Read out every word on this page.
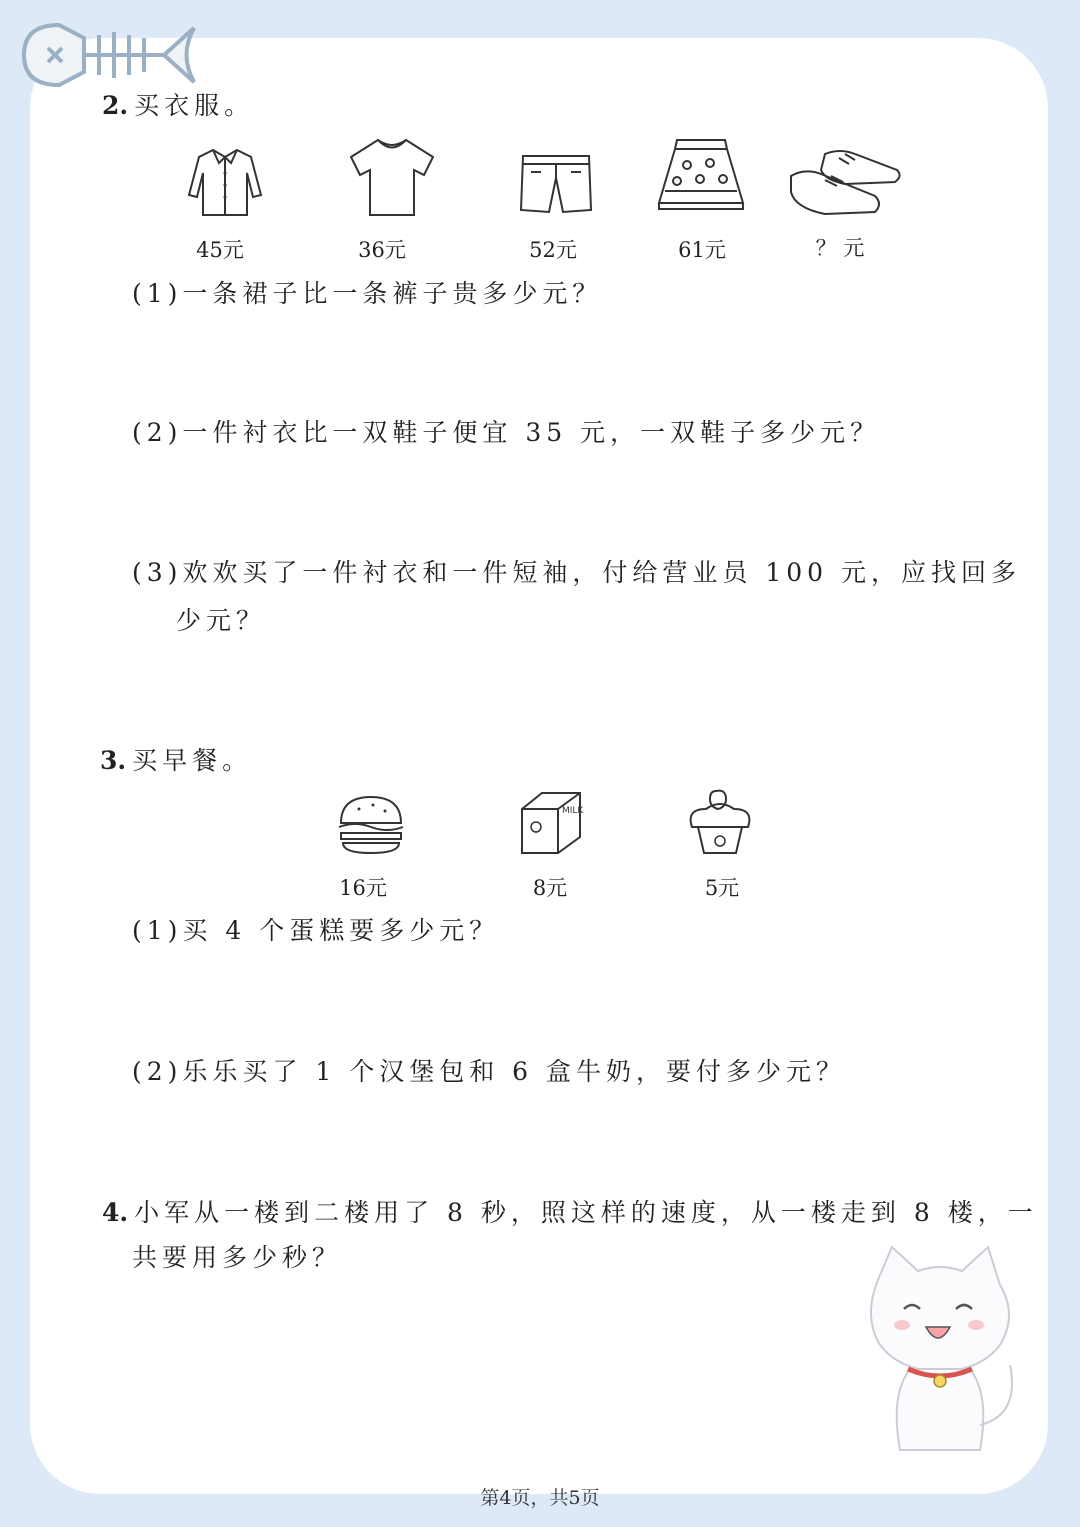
2. 买衣服。
45元	36元	52元	61元	？ 元
(1)一条裙子比一条裤子贵多少元？
(2)一件衬衣比一双鞋子便宜 35 元，一双鞋子多少元？
(3)欢欢买了一件衬衣和一件短袖，付给营业员 100 元，应找回多
少元？
3. 买早餐。
MILK
16元	8元	5元
(1)买 4 个蛋糕要多少元？
(2)乐乐买了 1 个汉堡包和 6 盒牛奶，要付多少元？
4. 小军从一楼到二楼用了 8 秒，照这样的速度，从一楼走到 8 楼，一
共要用多少秒？
第4页，共5页
